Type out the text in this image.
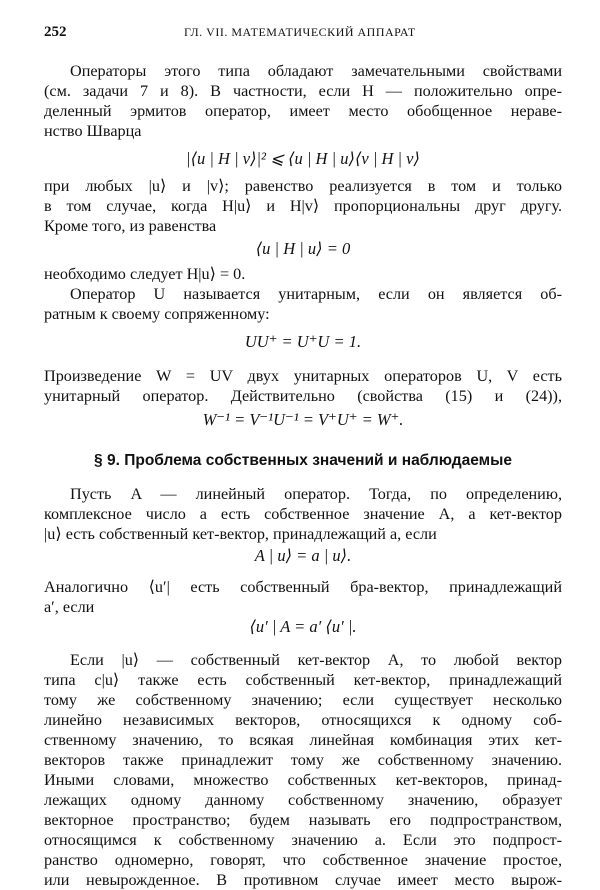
252	ГЛ. VII. МАТЕМАТИЧЕСКИЙ АППАРАТ
Операторы этого типа обладают замечательными свойствами
(см. задачи 7 и 8). В частности, если H — положительно опре-
деленный эрмитов оператор, имеет место обобщенное нераве-
нство Шварца
|⟨u | H | v⟩|² ⩽ ⟨u | H | u⟩⟨v | H | v⟩
при любых |u⟩ и |v⟩; равенство реализуется в том и только
в том случае, когда H|u⟩ и H|v⟩ пропорциональны друг другу.
Кроме того, из равенства
⟨u | H | u⟩ = 0
необходимо следует H|u⟩ = 0.
Оператор U называется унитарным, если он является об-
ратным к своему сопряженному:
UU⁺ = U⁺U = 1.
Произведение W = UV двух унитарных операторов U, V есть
унитарный оператор. Действительно (свойства (15) и (24)),
W⁻¹ = V⁻¹U⁻¹ = V⁺U⁺ = W⁺.
§ 9. Проблема собственных значений и наблюдаемые
Пусть A — линейный оператор. Тогда, по определению,
комплексное число a есть собственное значение A, а кет-вектор
|u⟩ есть собственный кет-вектор, принадлежащий a, если
A | u⟩ = a | u⟩.
Аналогично ⟨u′| есть собственный бра-вектор, принадлежащий
a′, если
⟨u′ | A = a′ ⟨u′ |.
Если |u⟩ — собственный кет-вектор A, то любой вектор
типа c|u⟩ также есть собственный кет-вектор, принадлежащий
тому же собственному значению; если существует несколько
линейно независимых векторов, относящихся к одному соб-
ственному значению, то всякая линейная комбинация этих кет-
векторов также принадлежит тому же собственному значению.
Иными словами, множество собственных кет-векторов, принад-
лежащих одному данному собственному значению, образует
векторное пространство; будем называть его подпространством,
относящимся к собственному значению a. Если это подпрост-
ранство одномерно, говорят, что собственное значение простое,
или невырожденное. В противном случае имеет место вырож-
